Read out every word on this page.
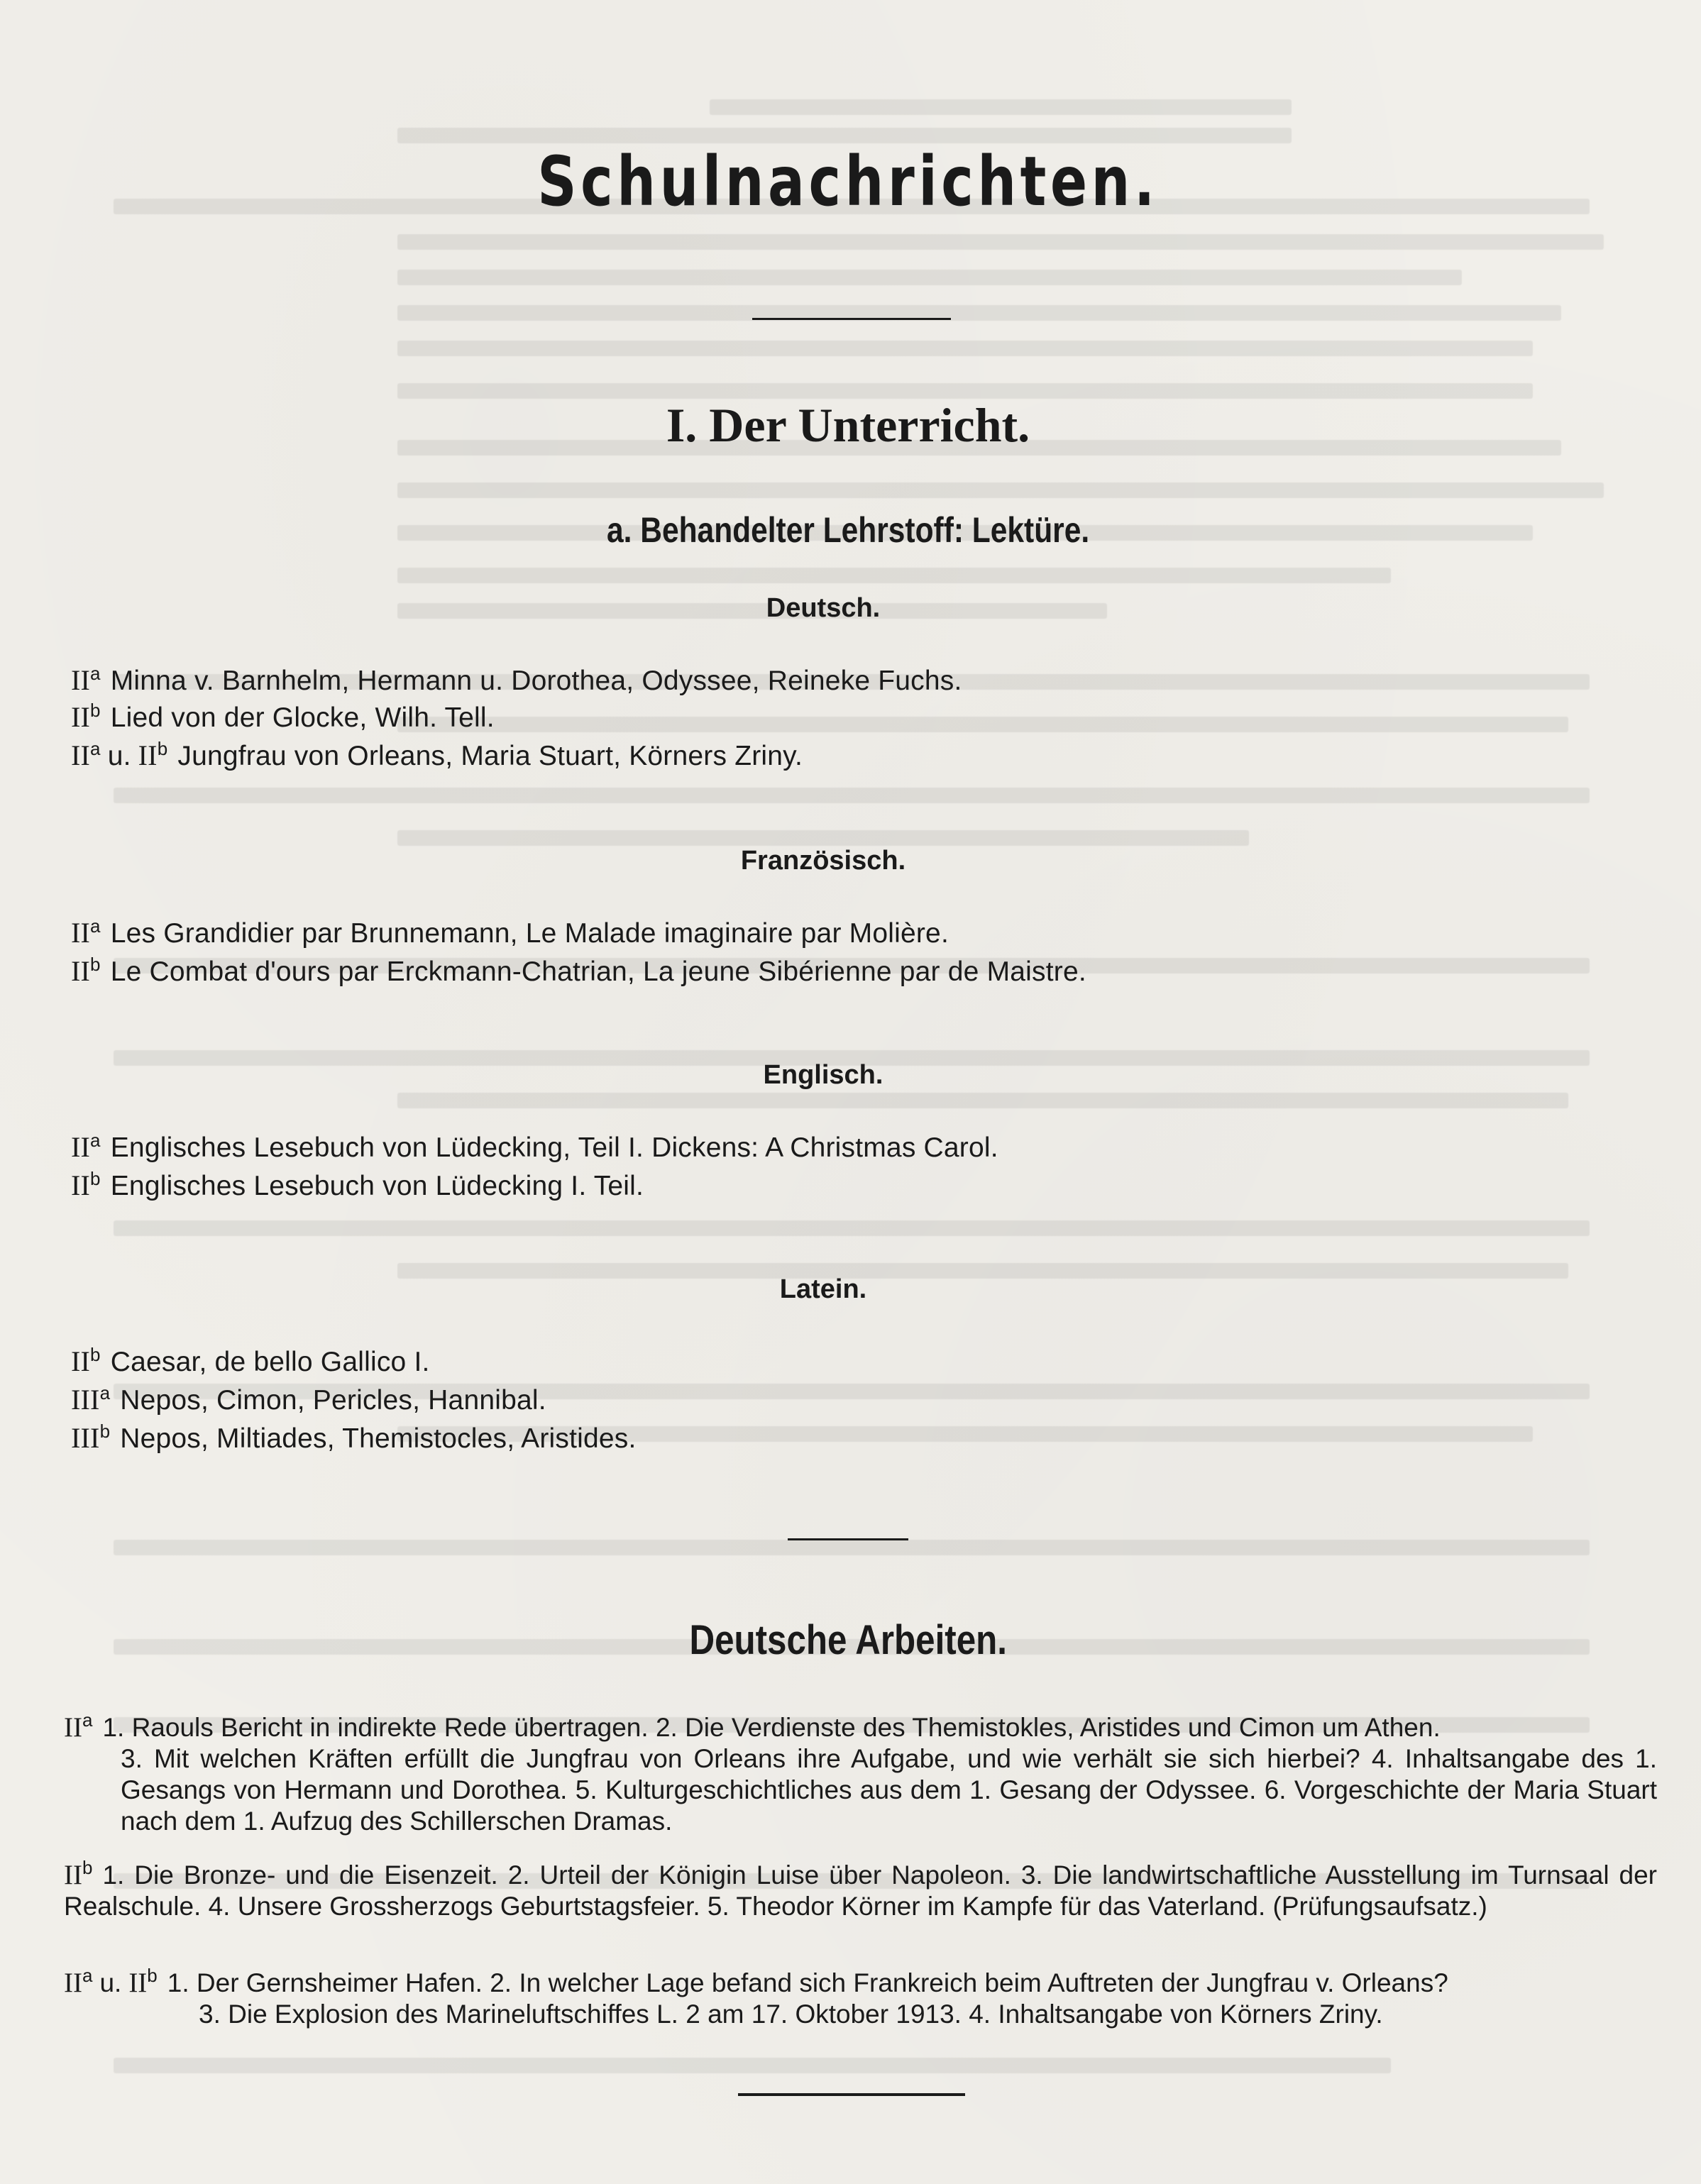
Schulnachrichten.
I. Der Unterricht.
a. Behandelter Lehrstoff: Lektüre.
Deutsch.
$II^a$ Minna v. Barnhelm, Hermann u. Dorothea, Odyssee, Reineke Fuchs.
$II^b$ Lied von der Glocke, Wilh. Tell.
$II^a$ u. $II^b$ Jungfrau von Orleans, Maria Stuart, Körners Zriny.
Französisch.
$II^a$ Les Grandidier par Brunnemann, Le Malade imaginaire par Molière.
$II^b$ Le Combat d'ours par Erckmann-Chatrian, La jeune Sibérienne par de Maistre.
Englisch.
$II^a$ Englisches Lesebuch von Lüdecking, Teil I. Dickens: A Christmas Carol.
$II^b$ Englisches Lesebuch von Lüdecking I. Teil.
Latein.
$II^b$ Caesar, de bello Gallico I.
III$^a$ Nepos, Cimon, Pericles, Hannibal.
III$^b$ Nepos, Miltiades, Themistocles, Aristides.
Deutsche Arbeiten.
$II^a$ 1. Raouls Bericht in indirekte Rede übertragen. 2. Die Verdienste des Themistokles, Aristides und Cimon um Athen.
3. Mit welchen Kräften erfüllt die Jungfrau von Orleans ihre Aufgabe, und wie verhält sie sich hierbei? 4. Inhaltsangabe des 1. Gesangs von Hermann und Dorothea. 5. Kulturgeschichtliches aus dem 1. Gesang der Odyssee. 6. Vorgeschichte der Maria Stuart nach dem 1. Aufzug des Schillerschen Dramas.
$II^b$ 1. Die Bronze- und die Eisenzeit. 2. Urteil der Königin Luise über Napoleon. 3. Die landwirtschaftliche Ausstellung im Turnsaal der Realschule. 4. Unsere Grossherzogs Geburtstagsfeier. 5. Theodor Körner im Kampfe für das Vaterland. (Prüfungsaufsatz.)
$II^a$ u. $II^b$ 1. Der Gernsheimer Hafen. 2. In welcher Lage befand sich Frankreich beim Auftreten der Jungfrau v. Orleans?
3. Die Explosion des Marineluftschiffes L. 2 am 17. Oktober 1913. 4. Inhaltsangabe von Körners Zriny.
